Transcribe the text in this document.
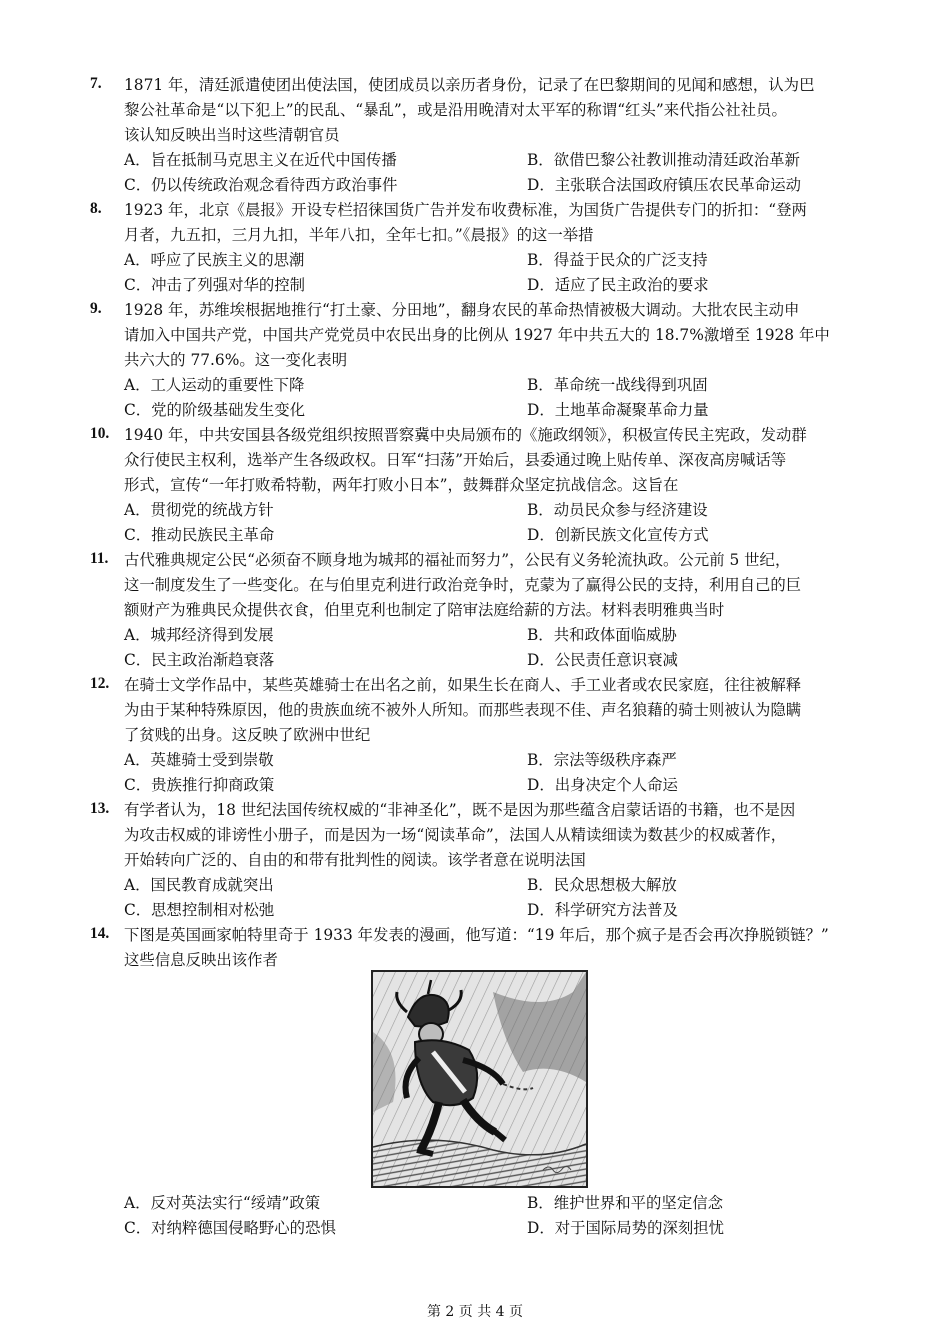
7. 1871 年，清廷派遣使团出使法国，使团成员以亲历者身份，记录了在巴黎期间的见闻和感想，认为巴
黎公社革命是“以下犯上”的民乱、“暴乱”，或是沿用晚清对太平军的称谓“红头”来代指公社社员。
该认知反映出当时这些清朝官员
A．旨在抵制马克思主义在近代中国传播	B．欲借巴黎公社教训推动清廷政治革新
C．仍以传统政治观念看待西方政治事件	D．主张联合法国政府镇压农民革命运动
8. 1923 年，北京《晨报》开设专栏招徕国货广告并发布收费标准，为国货广告提供专门的折扣：“登两
月者，九五扣，三月九扣，半年八扣，全年七扣。”《晨报》的这一举措
A．呼应了民族主义的思潮	B．得益于民众的广泛支持
C．冲击了列强对华的控制	D．适应了民主政治的要求
9. 1928 年，苏维埃根据地推行“打土豪、分田地”，翻身农民的革命热情被极大调动。大批农民主动申
请加入中国共产党，中国共产党党员中农民出身的比例从 1927 年中共五大的 18.7%激增至 1928 年中
共六大的 77.6%。这一变化表明
A．工人运动的重要性下降	B．革命统一战线得到巩固
C．党的阶级基础发生变化	D．土地革命凝聚革命力量
10. 1940 年，中共安国县各级党组织按照晋察冀中央局颁布的《施政纲领》，积极宣传民主宪政，发动群
众行使民主权利，选举产生各级政权。日军“扫荡”开始后，县委通过晚上贴传单、深夜高房喊话等
形式，宣传“一年打败希特勒，两年打败小日本”，鼓舞群众坚定抗战信念。这旨在
A．贯彻党的统战方针	B．动员民众参与经济建设
C．推动民族民主革命	D．创新民族文化宣传方式
11. 古代雅典规定公民“必须奋不顾身地为城邦的福祉而努力”，公民有义务轮流执政。公元前 5 世纪，
这一制度发生了一些变化。在与伯里克利进行政治竞争时，克蒙为了赢得公民的支持，利用自己的巨
额财产为雅典民众提供衣食，伯里克利也制定了陪审法庭给薪的方法。材料表明雅典当时
A．城邦经济得到发展	B．共和政体面临威胁
C．民主政治渐趋衰落	D．公民责任意识衰减
12. 在骑士文学作品中，某些英雄骑士在出名之前，如果生长在商人、手工业者或农民家庭，往往被解释
为由于某种特殊原因，他的贵族血统不被外人所知。而那些表现不佳、声名狼藉的骑士则被认为隐瞒
了贫贱的出身。这反映了欧洲中世纪
A．英雄骑士受到崇敬	B．宗法等级秩序森严
C．贵族推行抑商政策	D．出身决定个人命运
13. 有学者认为，18 世纪法国传统权威的“非神圣化”，既不是因为那些蕴含启蒙话语的书籍，也不是因
为攻击权威的诽谤性小册子，而是因为一场“阅读革命”，法国人从精读细读为数甚少的权威著作，
开始转向广泛的、自由的和带有批判性的阅读。该学者意在说明法国
A．国民教育成就突出	B．民众思想极大解放
C．思想控制相对松弛	D．科学研究方法普及
14. 下图是英国画家帕特里奇于 1933 年发表的漫画，他写道：“19 年后，那个疯子是否会再次挣脱锁链？”
这些信息反映出该作者
A．反对英法实行“绥靖”政策	B．维护世界和平的坚定信念
C．对纳粹德国侵略野心的恐惧	D．对于国际局势的深刻担忧
第 2 页 共 4 页
